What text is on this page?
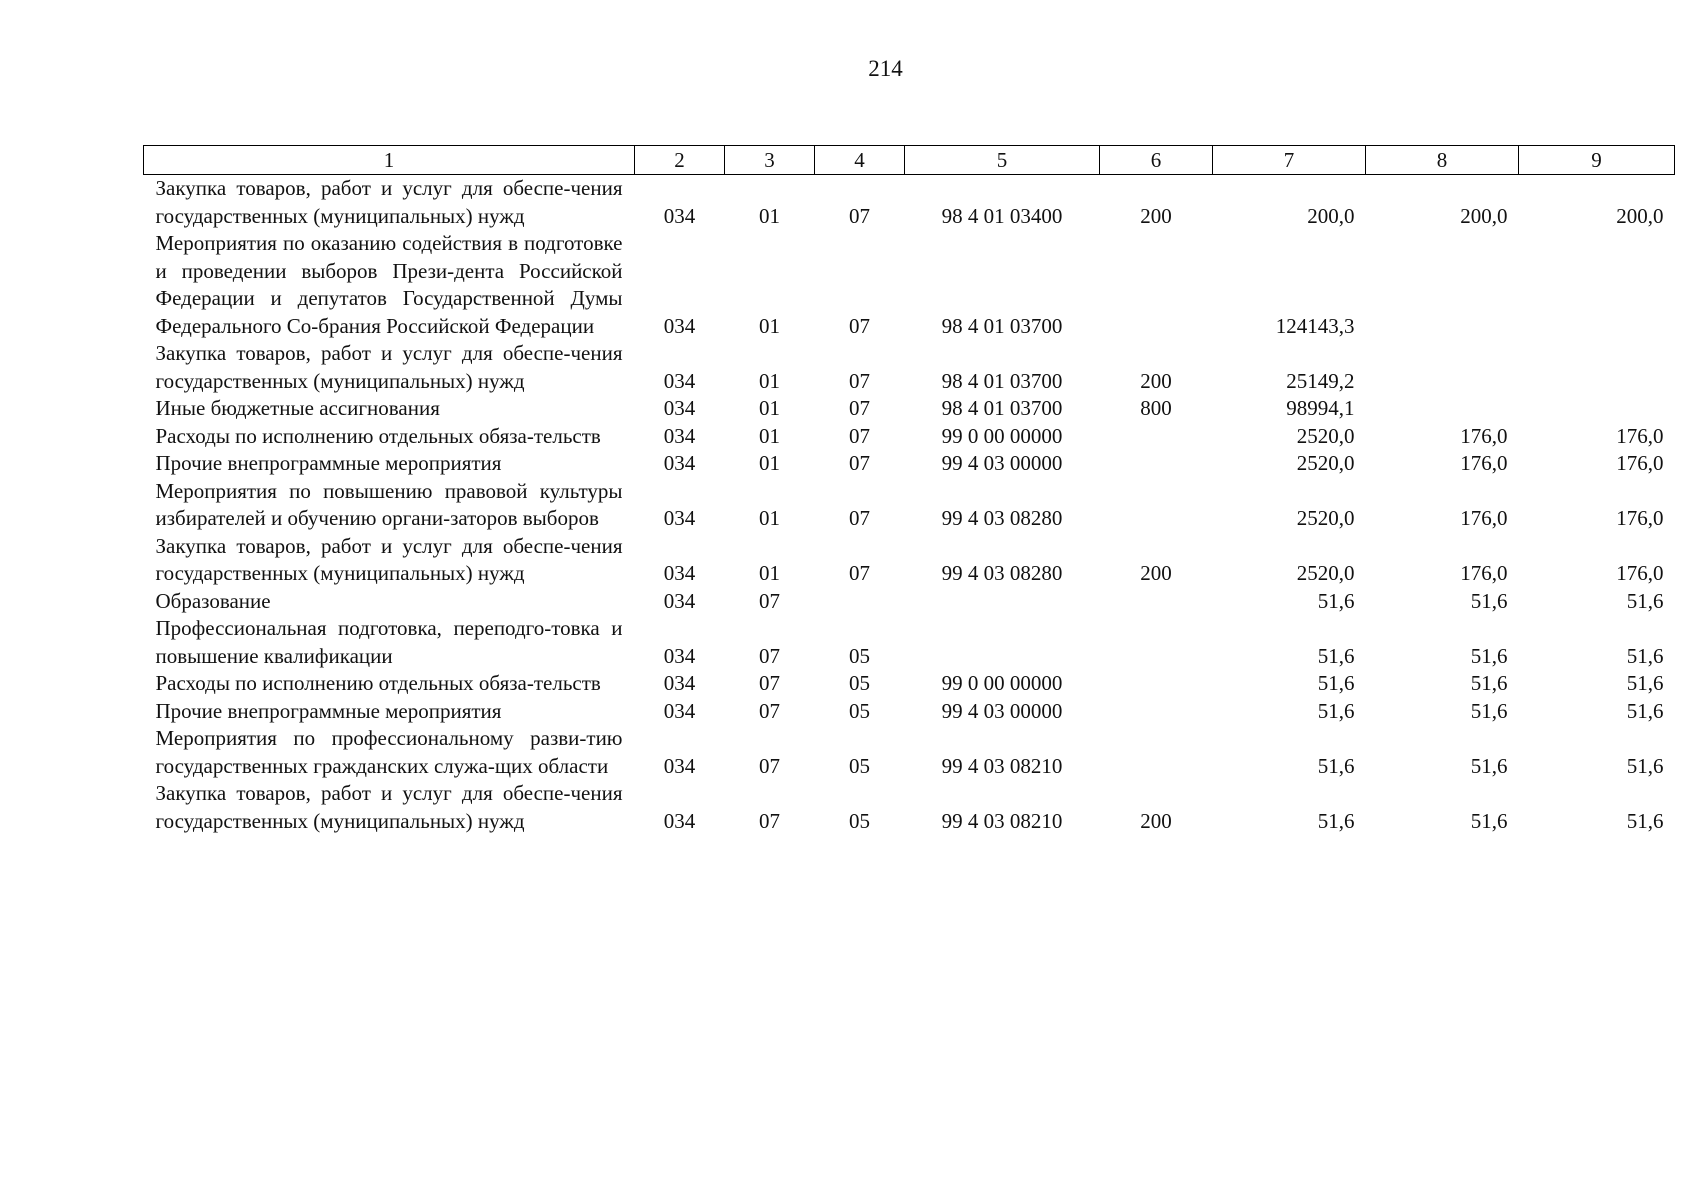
214
1	2	3	4	5	6	7	8	9
Закупка товаров, работ и услуг для обеспе-чения государственных (муниципальных) нужд	034	01	07	98 4 01 03400	200	200,0	200,0	200,0
Мероприятия по оказанию содействия в подготовке и проведении выборов Прези-дента Российской Федерации и депутатов Государственной Думы Федерального Со-брания Российской Федерации	034	01	07	98 4 01 03700		124143,3		
Закупка товаров, работ и услуг для обеспе-чения государственных (муниципальных) нужд	034	01	07	98 4 01 03700	200	25149,2		
Иные бюджетные ассигнования	034	01	07	98 4 01 03700	800	98994,1		
Расходы по исполнению отдельных обяза-тельств	034	01	07	99 0 00 00000		2520,0	176,0	176,0
Прочие внепрограммные мероприятия	034	01	07	99 4 03 00000		2520,0	176,0	176,0
Мероприятия по повышению правовой культуры избирателей и обучению органи-заторов выборов	034	01	07	99 4 03 08280		2520,0	176,0	176,0
Закупка товаров, работ и услуг для обеспе-чения государственных (муниципальных) нужд	034	01	07	99 4 03 08280	200	2520,0	176,0	176,0
Образование	034	07				51,6	51,6	51,6
Профессиональная подготовка, переподго-товка и повышение квалификации	034	07	05			51,6	51,6	51,6
Расходы по исполнению отдельных обяза-тельств	034	07	05	99 0 00 00000		51,6	51,6	51,6
Прочие внепрограммные мероприятия	034	07	05	99 4 03 00000		51,6	51,6	51,6
Мероприятия по профессиональному разви-тию государственных гражданских служа-щих области	034	07	05	99 4 03 08210		51,6	51,6	51,6
Закупка товаров, работ и услуг для обеспе-чения государственных (муниципальных) нужд	034	07	05	99 4 03 08210	200	51,6	51,6	51,6
